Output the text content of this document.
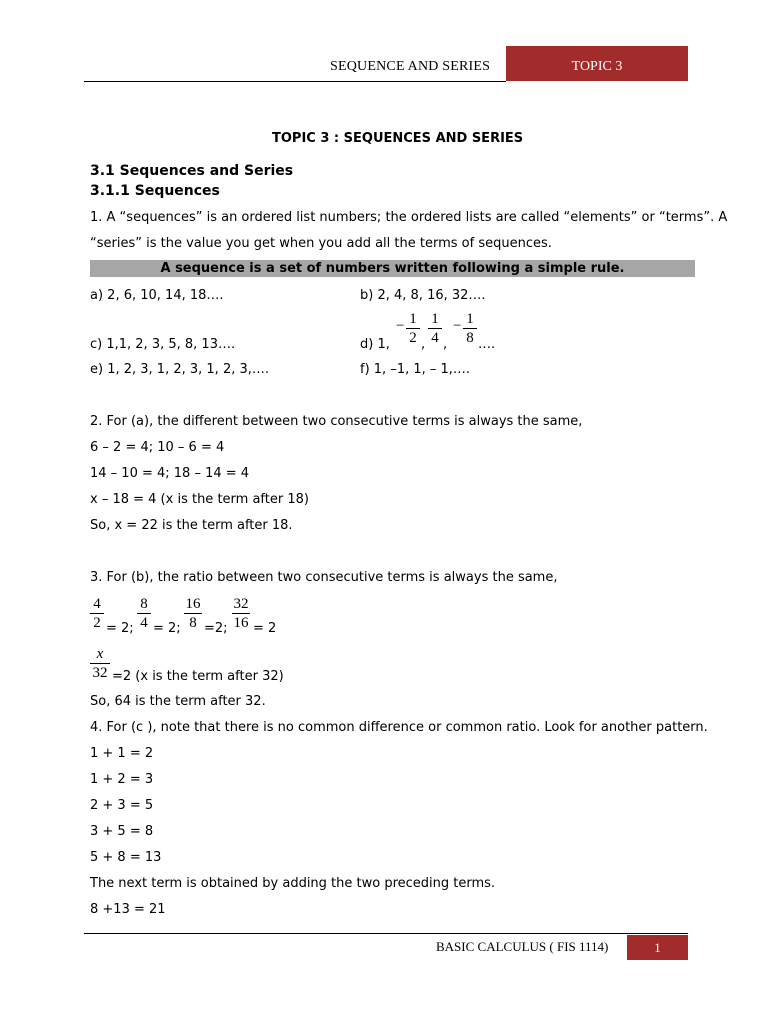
SEQUENCE AND SERIES	TOPIC 3
TOPIC 3 : SEQUENCES AND SERIES
3.1 Sequences and Series
3.1.1 Sequences
1. A “sequences” is an ordered list numbers; the ordered lists are called “elements” or “terms”. A
“series” is the value you get when you add all the terms of sequences.
A sequence is a set of numbers written following a simple rule.
a) 2, 6, 10, 14, 18….	b) 2, 4, 8, 16, 32….
c) 1,1, 2, 3, 5, 8, 13….	d) 1,
− 1
2 ,
1
4 ,
− 1
8 ….
e) 1, 2, 3, 1, 2, 3, 1, 2, 3,….	f) 1, –1, 1, – 1,….
2. For (a), the different between two consecutive terms is always the same,
6 – 2 = 4; 10 – 6 = 4
14 – 10 = 4; 18 – 14 = 4
x – 18 = 4 (x is the term after 18)
So, x = 22 is the term after 18.
3. For (b), the ratio between two consecutive terms is always the same,
4
2 = 2;
8
4 = 2;
16
8 =2;
32
16 = 2
x
32 =2 (x is the term after 32)
So, 64 is the term after 32.
4. For (c ), note that there is no common difference or common ratio. Look for another pattern.
1 + 1 = 2
1 + 2 = 3
2 + 3 = 5
3 + 5 = 8
5 + 8 = 13
The next term is obtained by adding the two preceding terms.
8 +13 = 21
BASIC CALCULUS ( FIS 1114)	1
